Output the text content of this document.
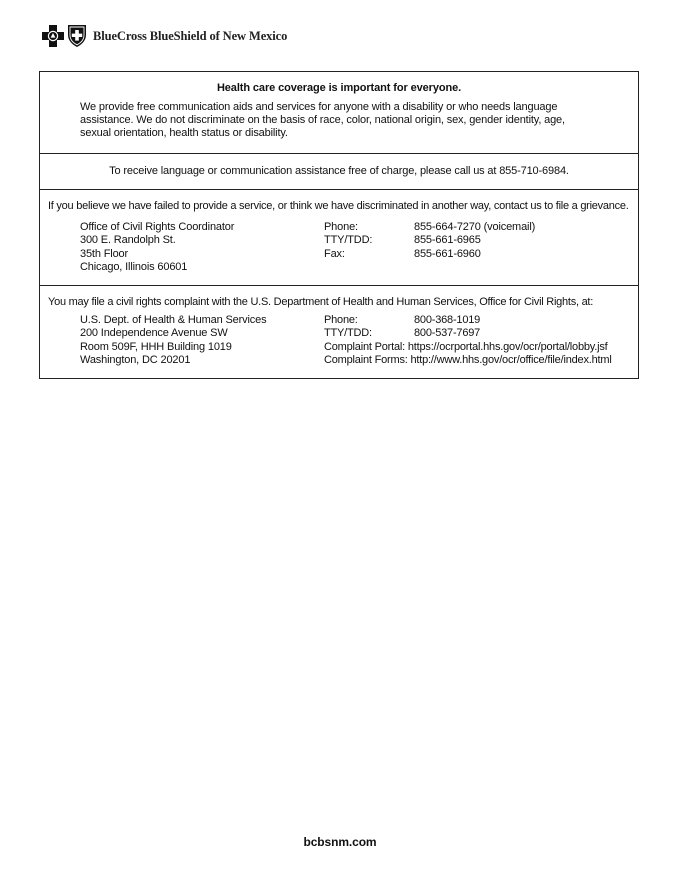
BlueCross BlueShield of New Mexico
Health care coverage is important for everyone.
We provide free communication aids and services for anyone with a disability or who needs language assistance. We do not discriminate on the basis of race, color, national origin, sex, gender identity, age, sexual orientation, health status or disability.
To receive language or communication assistance free of charge, please call us at 855-710-6984.
If you believe we have failed to provide a service, or think we have discriminated in another way, contact us to file a grievance.
Office of Civil Rights Coordinator
300 E. Randolph St.
35th Floor
Chicago, Illinois 60601
Phone:
TTY/TDD:
Fax:
855-664-7270 (voicemail)
855-661-6965
855-661-6960
You may file a civil rights complaint with the U.S. Department of Health and Human Services, Office for Civil Rights, at:
U.S. Dept. of Health & Human Services
200 Independence Avenue SW
Room 509F, HHH Building 1019
Washington, DC 20201
Phone:	800-368-1019
TTY/TDD:	800-537-7697
Complaint Portal: https://ocrportal.hhs.gov/ocr/portal/lobby.jsf
Complaint Forms: http://www.hhs.gov/ocr/office/file/index.html
bcbsnm.com
